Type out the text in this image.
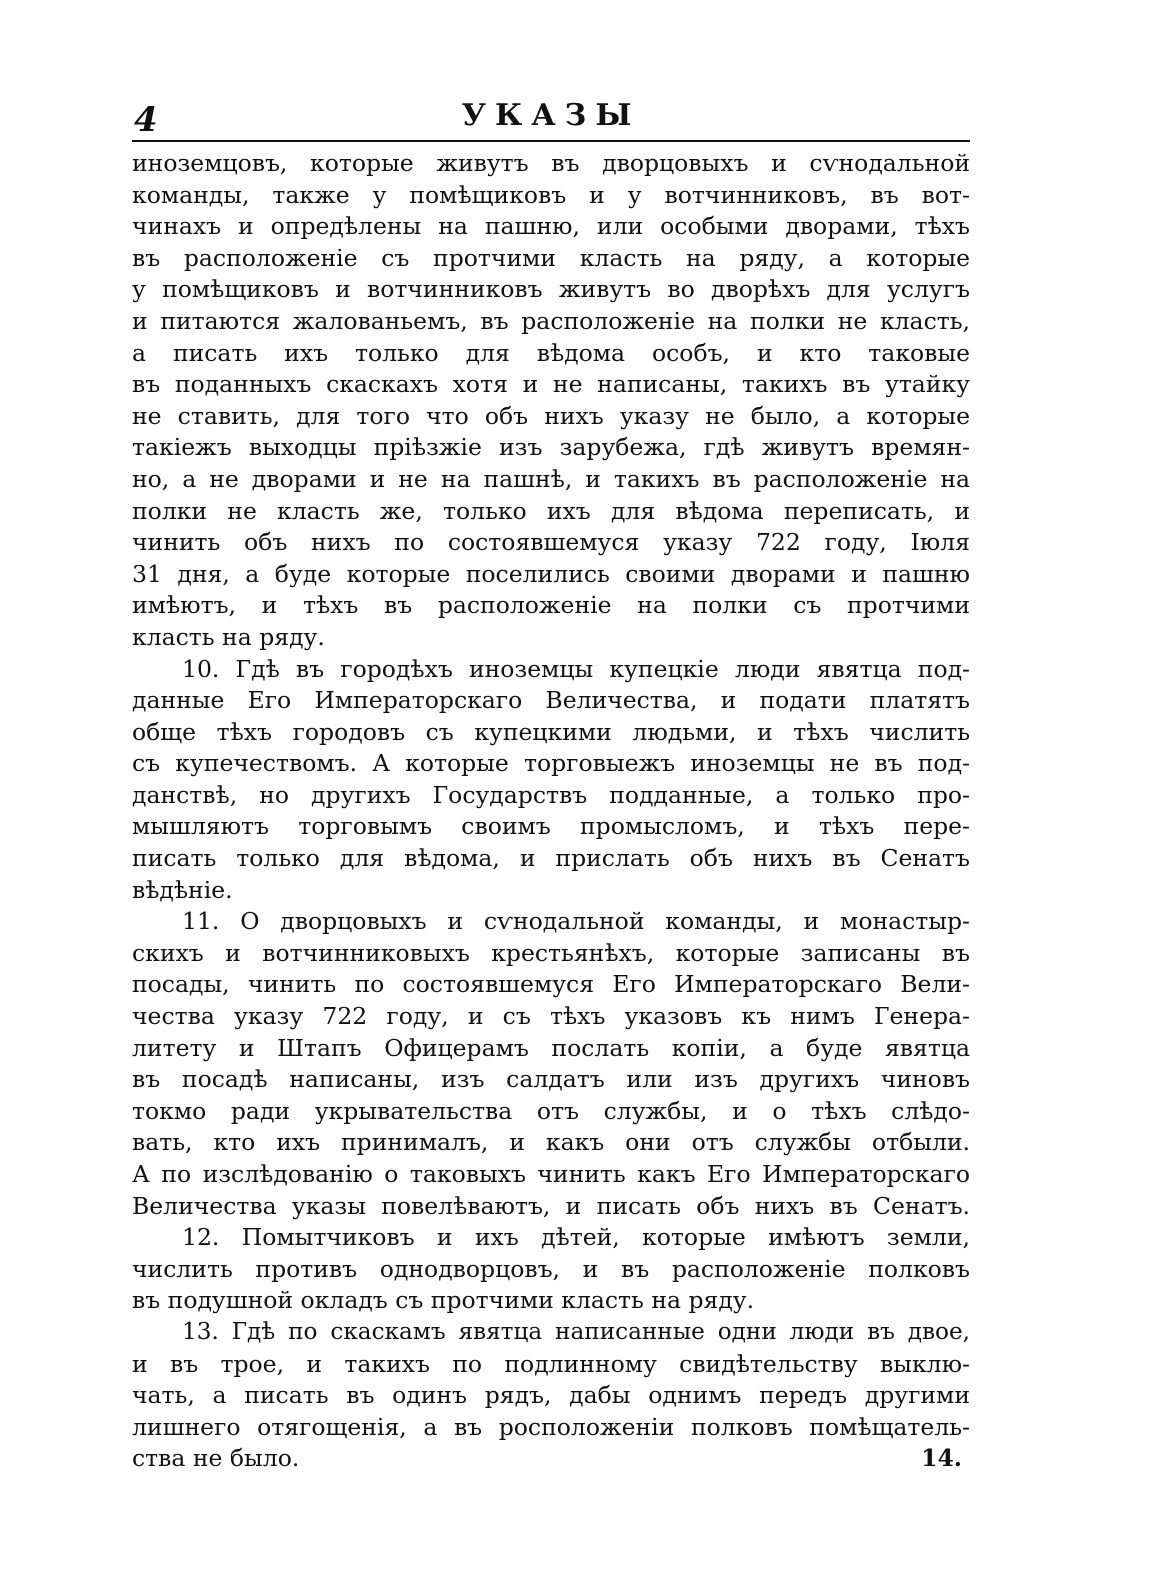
4	УКАЗЫ
иноземцовъ, которые живутъ въ дворцовыхъ и сѵнодальной
команды, также у помѣщиковъ и у вотчинниковъ, въ вот-
чинахъ и опредѣлены на пашню, или особыми дворами, тѣхъ
въ расположеніе съ протчими класть на ряду, а которые
у помѣщиковъ и вотчинниковъ живутъ во дворѣхъ для услугъ
и питаются жалованьемъ, въ расположеніе на полки не класть,
а писать ихъ только для вѣдома особъ, и кто таковые
въ поданныхъ скаскахъ хотя и не написаны, такихъ въ утайку
не ставить, для того что объ нихъ указу не было, а которые
такіежъ выходцы пріѣзжіе изъ зарубежа, гдѣ живутъ времян-
но, а не дворами и не на пашнѣ, и такихъ въ расположеніе на
полки не класть же, только ихъ для вѣдома переписать, и
чинить объ нихъ по состоявшемуся указу 722 году, Іюля
31 дня, а буде которые поселились своими дворами и пашню
имѣютъ, и тѣхъ въ расположеніе на полки съ протчими
класть на ряду.
10. Гдѣ въ городѣхъ иноземцы купецкіе люди явятца под-
данные Его Императорскаго Величества, и подати платятъ
обще тѣхъ городовъ съ купецкими людьми, и тѣхъ числить
съ купечествомъ. А которые торговыежъ иноземцы не въ под-
данствѣ, но другихъ Государствъ подданные, а только про-
мышляютъ торговымъ своимъ промысломъ, и тѣхъ пере-
писать только для вѣдома, и прислать объ нихъ въ Сенатъ
вѣдѣніе.
11. О дворцовыхъ и сѵнодальной команды, и монастыр-
скихъ и вотчинниковыхъ крестьянѣхъ, которые записаны въ
посады, чинить по состоявшемуся Его Императорскаго Вели-
чества указу 722 году, и съ тѣхъ указовъ къ нимъ Генера-
литету и Штапъ Офицерамъ послать копіи, а буде явятца
въ посадѣ написаны, изъ салдатъ или изъ другихъ чиновъ
токмо ради укрывательства отъ службы, и о тѣхъ слѣдо-
вать, кто ихъ принималъ, и какъ они отъ службы отбыли.
А по изслѣдованію о таковыхъ чинить какъ Его Императорскаго
Величества указы повелѣваютъ, и писать объ нихъ въ Сенатъ.
12. Помытчиковъ и ихъ дѣтей, которые имѣютъ земли,
числить противъ однодворцовъ, и въ расположеніе полковъ
въ подушной окладъ съ протчими класть на ряду.
13. Гдѣ по скаскамъ явятца написанные одни люди въ двое,
и въ трое, и такихъ по подлинному свидѣтельству выклю-
чать, а писать въ одинъ рядъ, дабы однимъ передъ другими
лишнего отягощенія, а въ росположеніи полковъ помѣщатель-
ства не было.	14.
